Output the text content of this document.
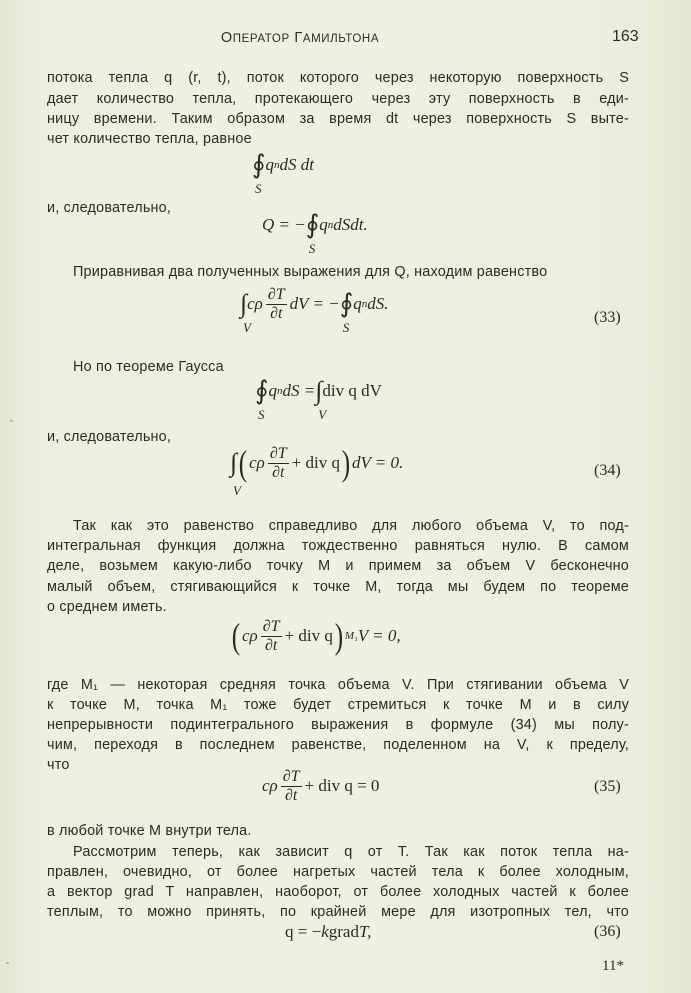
ОПЕРАТОР ГАМИЛЬТОНА	163
потока тепла q (r, t), поток которого через некоторую поверхность S
дает количество тепла, протекающего через эту поверхность в еди-
ницу времени. Таким образом за время dt через поверхность S выте-
чет количество тепла, равное
∮
S
q n dS dt
и, следовательно,
Q = − ∮
S
q n dSdt.
Приравнивая два полученных выражения для Q, находим равенство
∫
V
cρ $\frac{\partial T}{\partial t}$ dV = − ∮
S
q n dS.
(33)
Но по теореме Гаусса
∮
S
q n dS = ∫
V
div q dV
и, следовательно,
∫
V
( cρ $\frac{\partial T}{\partial t}$ + div q ) dV = 0.	(34)
Так как это равенство справедливо для любого объема V, то под-
интегральная функция должна тождественно равняться нулю. В самом
деле, возьмем какую-либо точку M и примем за объем V бесконечно
малый объем, стягивающийся к точке M, тогда мы будем по теореме
о среднем иметь.
( cρ $\frac{\partial T}{\partial t}$ + div q ) M₁ V = 0,
где M₁ — некоторая средняя точка объема V. При стягивании объема V
к точке M, точка M₁ тоже будет стремиться к точке M и в силу
непрерывности подинтегрального выражения в формуле (34) мы полу-
чим, переходя в последнем равенстве, поделенном на V, к пределу,
что
cρ $\frac{\partial T}{\partial t}$ + div q = 0	(35)
в любой точке M внутри тела.
Рассмотрим теперь, как зависит q от T. Так как поток тепла на-
правлен, очевидно, от более нагретых частей тела к более холодным,
а вектор grad T направлен, наоборот, от более холодных частей к более
теплым, то можно принять, по крайней мере для изотропных тел, что
q = − k grad T,	(36)
11*
